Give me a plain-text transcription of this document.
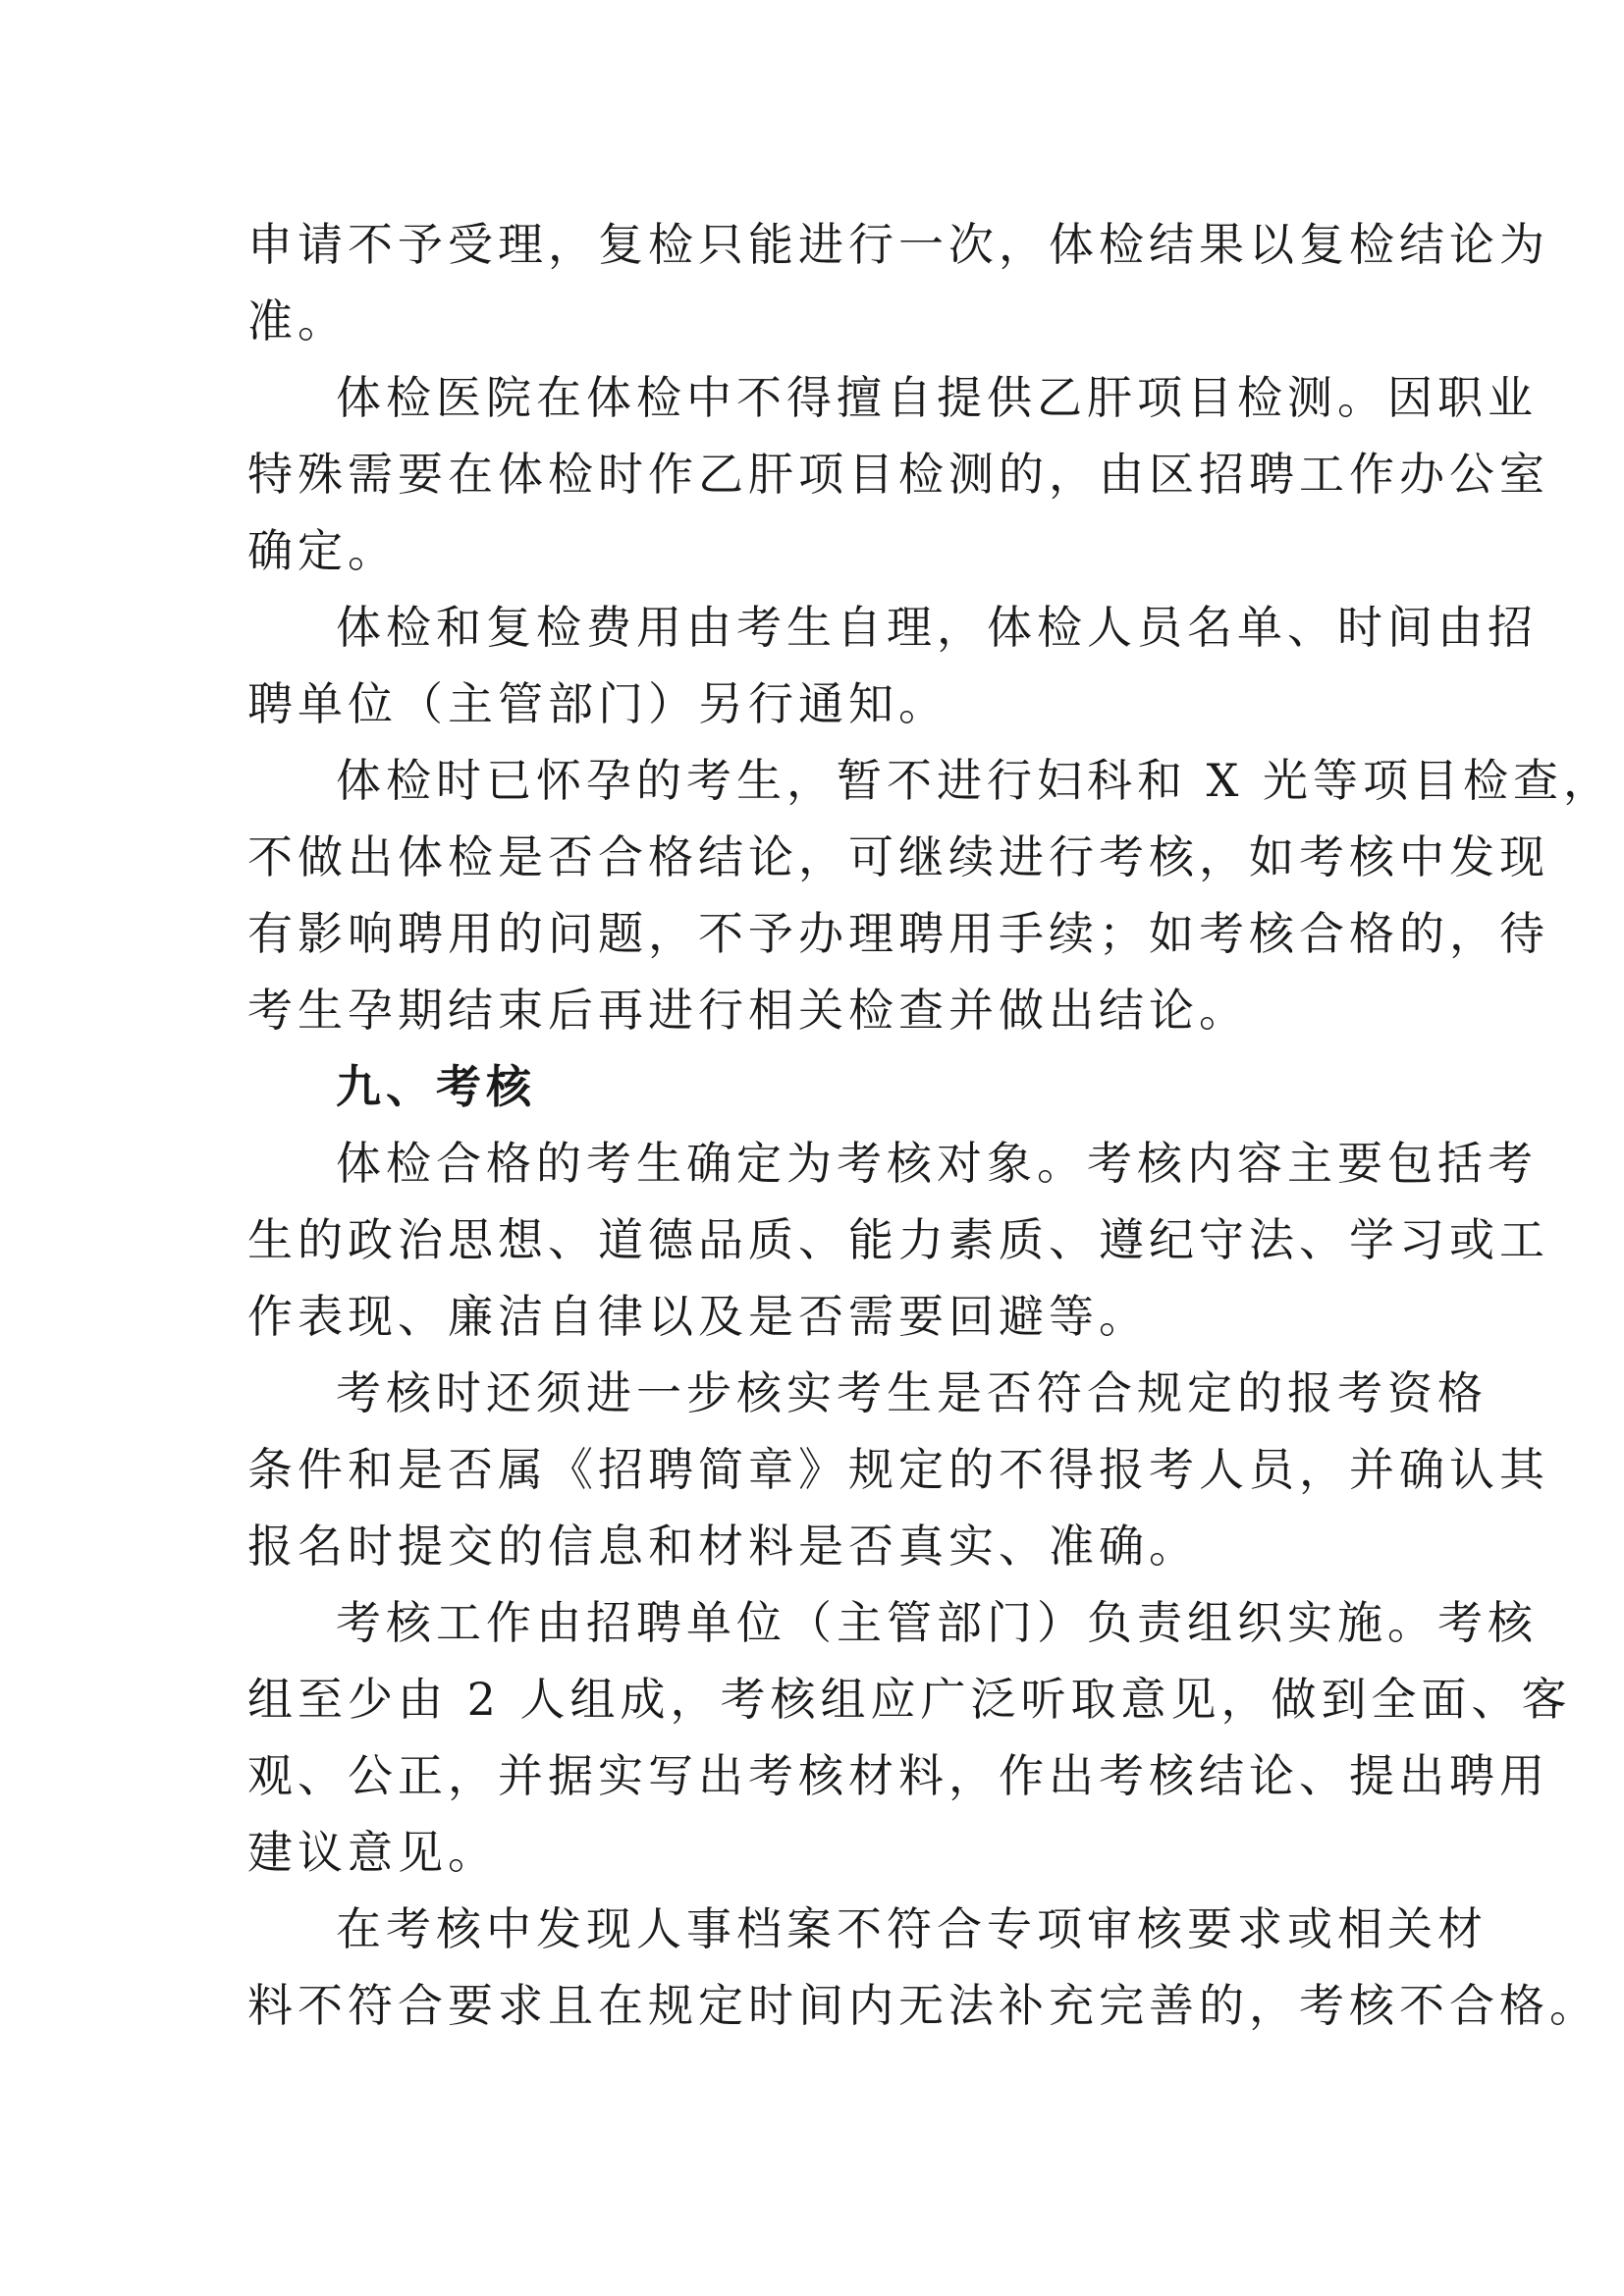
申请不予受理，复检只能进行一次，体检结果以复检结论为
准。
体检医院在体检中不得擅自提供乙肝项目检测。因职业
特殊需要在体检时作乙肝项目检测的，由区招聘工作办公室
确定。
体检和复检费用由考生自理，体检人员名单、时间由招
聘单位（主管部门）另行通知。
体检时已怀孕的考生，暂不进行妇科和 X 光等项目检查，
不做出体检是否合格结论，可继续进行考核，如考核中发现
有影响聘用的问题，不予办理聘用手续；如考核合格的，待
考生孕期结束后再进行相关检查并做出结论。
九、考核
体检合格的考生确定为考核对象。考核内容主要包括考
生的政治思想、道德品质、能力素质、遵纪守法、学习或工
作表现、廉洁自律以及是否需要回避等。
考核时还须进一步核实考生是否符合规定的报考资格
条件和是否属《招聘简章》规定的不得报考人员，并确认其
报名时提交的信息和材料是否真实、准确。
考核工作由招聘单位（主管部门）负责组织实施。考核
组至少由 2 人组成，考核组应广泛听取意见，做到全面、客
观、公正，并据实写出考核材料，作出考核结论、提出聘用
建议意见。
在考核中发现人事档案不符合专项审核要求或相关材
料不符合要求且在规定时间内无法补充完善的，考核不合格。
